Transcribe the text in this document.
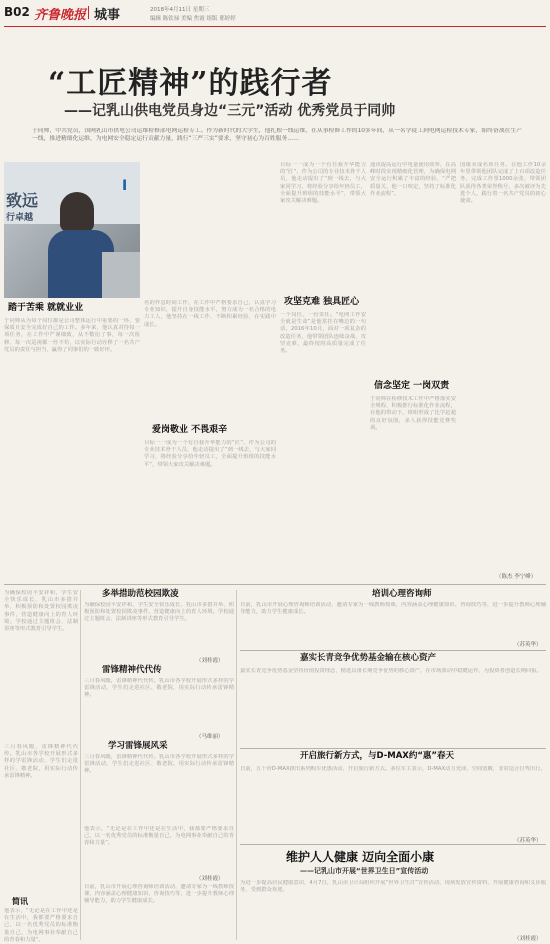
B02 齐鲁晚报 城事	2018年4月11日 星期三
编辑 陈钦禄 美编 焦霞 组版 邢婷婷
“工匠精神”的践行者
——记乳山供电党员身边“三元”活动 优秀党员于同帅
于同帅，中共党员，国网乳山市供电公司运维检修部电网运检专工。作为新时代的大学生，他扎根一线运维，在从事检修工作的10多年间，从一名学徒工到电网运检技术专家，始终奋战在生产一线，推进精细化运维，为电网安全稳定运行贡献力量，践行“三严三实”要求，坚守初心为百姓服务……
致远
行卓越
I
踏于苦乘 就就业业
于同帅从为每个岗位都是公司整体运行中重要的一环，要保质且安全完成好自己的工作。多年来，他认真对待每一项任务，在工作中严谨细致，从不敷衍了事，每一次检修、每一次巡视都一丝不苟，以实际行动诠释了一名共产党员的责任与担当，赢得了同事们的一致好评。
名的作息时间工作，在工作中严格要求自己，认真学习专业知识，提升自身技能水平，努力成为一名合格的电力工人，他坚持在一线工作，不断积累经验，在实践中成长。
爱岗敬业 不畏艰辛
目标一一成为一个有自我升华能力的“匠”，作为公司的专业技术骨干人员，他走动提出了“到一线去，与大家同学习，将经验分享给年轻员工，全面提升班组的技能水平”，带领大家攻关解决难题。
目标一一成为一个有自我升华能力的“匠”，作为公司的专业技术骨干人员，他走动提出了“到一线去，与大家同学习，将经验分享给年轻员工，全面提升班组的技能水平”，带领大家攻关解决难题。
攻坚克难 独具匠心
一个岗位，一份责任。“电网工作安全就是生命”是他常挂在嘴边的一句话。2016年10月，面对一项复杂的改造任务，他带领团队连续奋战，攻坚克难，最终按时高质量完成了任务。
通讯提高运行中电量使用效率，在高峰时段实现精细化管理，为确保电网安全运行积累了丰富的经验，“严把质量关，他一口咬定，坚持了标准化作业流程”。
信念坚定 一岗双责
于同帅在检修技术工作中严格落实安全规程，积极推行标准化作业流程，在他的带动下，班组形成了比学赶超的良好氛围，多人获得技能竞赛奖项。
国康未成名项任务。在他工作10余年里带领他团队完成了上百项改造任务，完成工作票1000余张，带领团队获得各类荣誉称号，多次被评为先进个人，践行着一名共产党员的初心使命。
（陈杰 李宁峰）
为确保校园平安祥和，学生安全快乐成长，乳山市多措并举，积极预防和处置校园欺凌事件，营造健康向上的育人环境。学校通过主题班会、法制讲座等形式教育引导学生。
三月春风暖，雷锋精神代代传。乳山市各学校开展形式多样的学雷锋活动，学生们走进社区、敬老院，用实际行动传承雷锋精神。
简讯
他表示，“无论是在工作中还是在生活中，我都要严格要求自己，以一名优秀党员的标准衡量自己，为电网事业奉献自己的青春和力量”。
多举措助范校园欺凌
为确保校园平安祥和，学生安全快乐成长，乳山市多措并举，积极预防和处置校园欺凌事件，营造健康向上的育人环境。学校通过主题班会、法制讲座等形式教育引导学生。
（刘桂霞）
雷锋精神代代传
三月春风暖，雷锋精神代代传。乳山市各学校开展形式多样的学雷锋活动，学生们走进社区、敬老院，用实际行动传承雷锋精神。
（马维丽）
学习雷锋展风采
三月春风暖，雷锋精神代代传。乳山市各学校开展形式多样的学雷锋活动，学生们走进社区、敬老院，用实际行动传承雷锋精神。
他表示，“无论是在工作中还是在生活中，我都要严格要求自己，以一名优秀党员的标准衡量自己，为电网事业奉献自己的青春和力量”。
（刘桂霞）
日前，乳山市开展心理咨询师培训活动，邀请专家为一线教师授课，内容涵盖心理健康知识、咨询技巧等，进一步提升教师心理辅导能力，助力学生健康成长。
培训心理咨询师
日前，乳山市开展心理咨询师培训活动，邀请专家为一线教师授课，内容涵盖心理健康知识、咨询技巧等，进一步提升教师心理辅导能力，助力学生健康成长。
（苏英华）
嘉实长青竞争优势基金输在核心资产
嘉实长青竞争优势基金坚持价值投资理念，精选具备长期竞争优势的核心资产，在市场波动中稳健运作，为投资者创造长期回报。
开启旅行新方式，与D-MAX约“惠”春天
日前，五十铃D-MAX推出系列购车优惠活动，开启旅行新方式。多位车主表示，D-MAX动力充沛，空间宽敞，非常适合自驾出行。
（苏英华）
维护人人健康 迈向全面小康
——记乳山市开展“世界卫生日”宣传活动
为进一步提高居民健康意识，4月7日，乳山市卫计局组织开展“世界卫生日”宣传活动，现场发放宣传资料，开展健康咨询和义诊服务，受到群众欢迎。
（刘桂霞）
